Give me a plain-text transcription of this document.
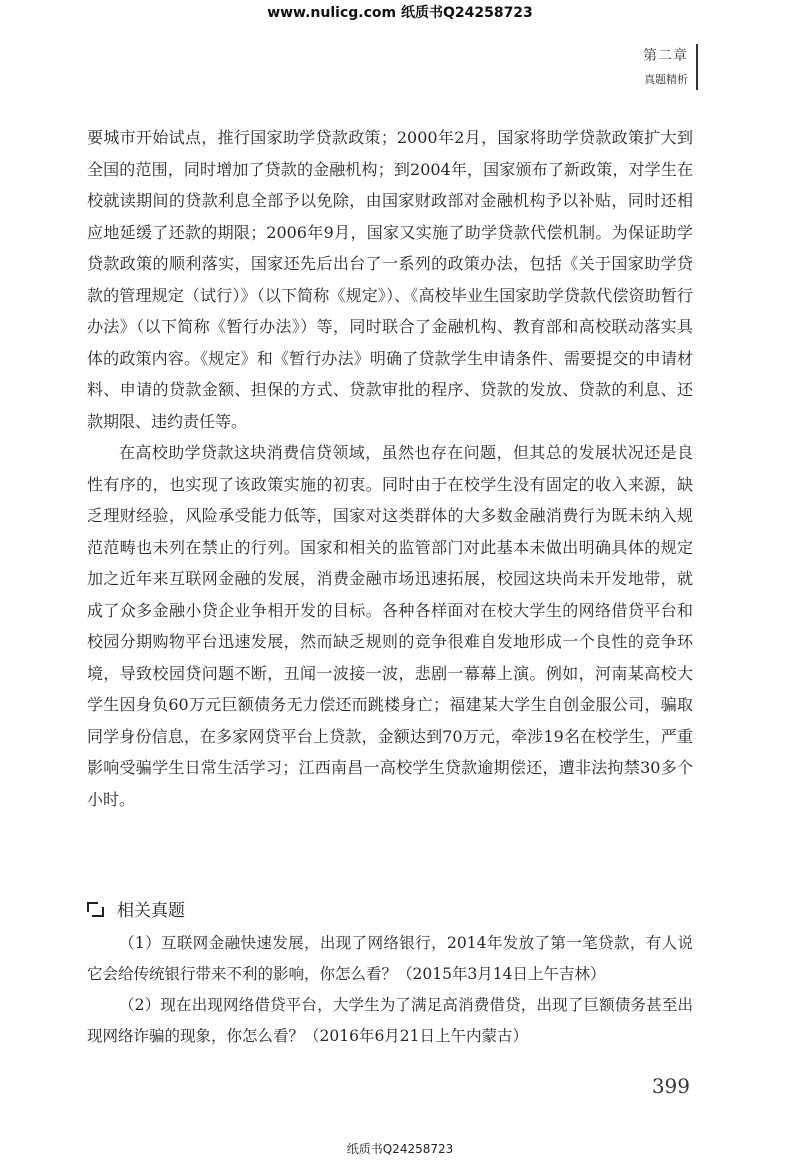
www.nulicg.com 纸质书Q24258723
第二章
真题精析

要城市开始试点，推行国家助学贷款政策；2000年2月，国家将助学贷款政策扩大到全国的范围，同时增加了贷款的金融机构；到2004年，国家颁布了新政策，对学生在校就读期间的贷款利息全部予以免除，由国家财政部对金融机构予以补贴，同时还相应地延缓了还款的期限；2006年9月，国家又实施了助学贷款代偿机制。为保证助学贷款政策的顺利落实，国家还先后出台了一系列的政策办法，包括《关于国家助学贷款的管理规定（试行）》（以下简称《规定》）、《高校毕业生国家助学贷款代偿资助暂行办法》（以下简称《暂行办法》）等，同时联合了金融机构、教育部和高校联动落实具体的政策内容。《规定》和《暂行办法》明确了贷款学生申请条件、需要提交的申请材料、申请的贷款金额、担保的方式、贷款审批的程序、贷款的发放、贷款的利息、还款期限、违约责任等。

在高校助学贷款这块消费信贷领域，虽然也存在问题，但其总的发展状况还是良性有序的，也实现了该政策实施的初衷。同时由于在校学生没有固定的收入来源，缺乏理财经验，风险承受能力低等，国家对这类群体的大多数金融消费行为既未纳入规范范畴也未列在禁止的行列。国家和相关的监管部门对此基本未做出明确具体的规定加之近年来互联网金融的发展，消费金融市场迅速拓展，校园这块尚未开发地带，就成了众多金融小贷企业争相开发的目标。各种各样面对在校大学生的网络借贷平台和校园分期购物平台迅速发展，然而缺乏规则的竞争很难自发地形成一个良性的竞争环境，导致校园贷问题不断，丑闻一波接一波，悲剧一幕幕上演。例如，河南某高校大学生因身负60万元巨额债务无力偿还而跳楼身亡；福建某大学生自创金服公司，骗取同学身份信息，在多家网贷平台上贷款，金额达到70万元，牵涉19名在校学生，严重影响受骗学生日常生活学习；江西南昌一高校学生贷款逾期偿还，遭非法拘禁30多个小时。

相关真题

（1）互联网金融快速发展，出现了网络银行，2014年发放了第一笔贷款，有人说它会给传统银行带来不利的影响，你怎么看？（2015年3月14日上午吉林）

（2）现在出现网络借贷平台，大学生为了满足高消费借贷，出现了巨额债务甚至出现网络诈骗的现象，你怎么看？（2016年6月21日上午内蒙古）

399
纸质书Q24258723
